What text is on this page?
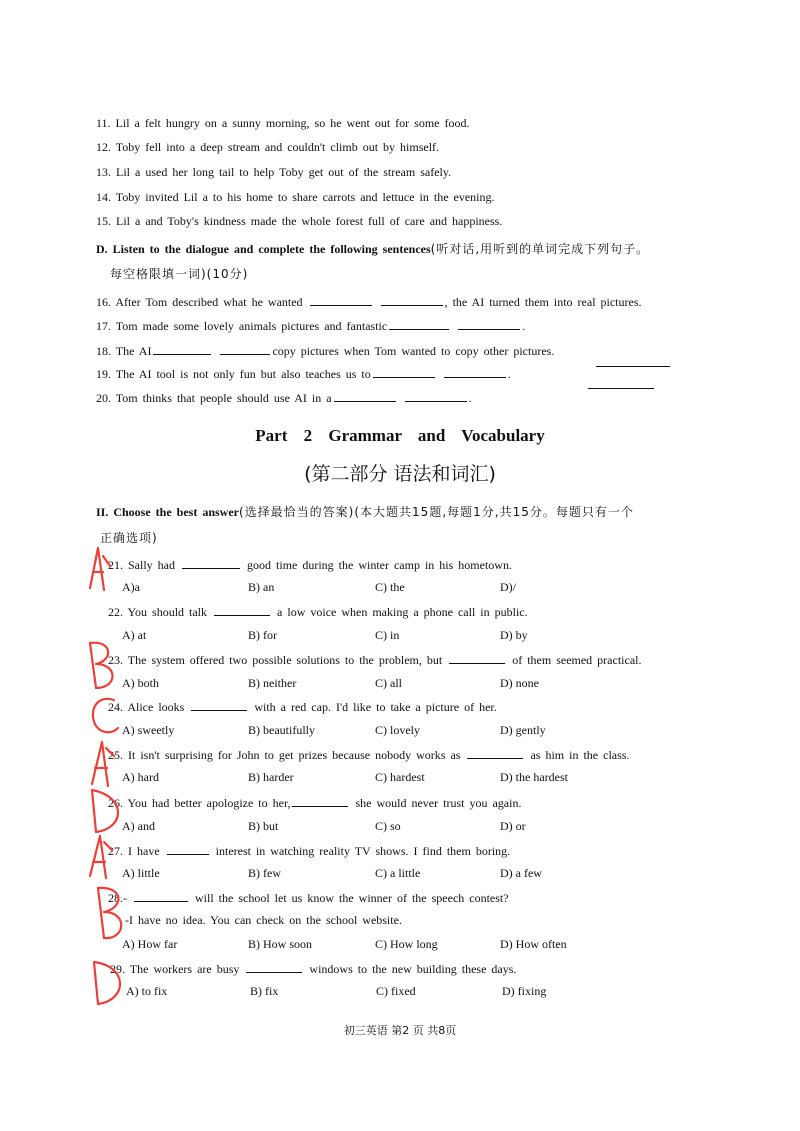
11. Lil a felt hungry on a sunny morning, so he went out for some food.
12. Toby fell into a deep stream and couldn't climb out by himself.
13. Lil a used her long tail to help Toby get out of the stream safely.
14. Toby invited Lil a to his home to share carrots and lettuce in the evening.
15. Lil a and Toby's kindness made the whole forest full of care and happiness.
D. Listen to the dialogue and complete the following sentences(听对话,用听到的单词完成下列句子。
每空格限填一词)(10分)
16. After Tom described what he wanted	, the AI turned them into real pictures.
17. Tom made some lovely animals pictures and fantastic	.
18. The AI	copy pictures when Tom wanted to copy other pictures.
19. The AI tool is not only fun but also teaches us to	.
20. Tom thinks that people should use AI in a	.
Part 2 Grammar and Vocabulary
(第二部分 语法和词汇)
II. Choose the best answer(选择最恰当的答案)(本大题共15题,每题1分,共15分。每题只有一个
正确选项)
21. Sally had	good time during the winter camp in his hometown.
A)a	B) an	C) the	D)/
22. You should talk	a low voice when making a phone call in public.
A) at	B) for	C) in	D) by
23. The system offered two possible solutions to the problem, but	of them seemed practical.
A) both	B) neither	C) all	D) none
24. Alice looks	with a red cap. I'd like to take a picture of her.
A) sweetly	B) beautifully	C) lovely	D) gently
25. It isn't surprising for John to get prizes because nobody works as	as him in the class.
A) hard	B) harder	C) hardest	D) the hardest
26. You had better apologize to her,	she would never trust you again.
A) and	B) but	C) so	D) or
27. I have	interest in watching reality TV shows. I find them boring.
A) little	B) few	C) a little	D) a few
28.-	will the school let us know the winner of the speech contest?
-I have no idea. You can check on the school website.
A) How far	B) How soon	C) How long	D) How often
29. The workers are busy	windows to the new building these days.
A) to fix	B) fix	C) fixed	D) fixing
初三英语 第2 页 共8页
